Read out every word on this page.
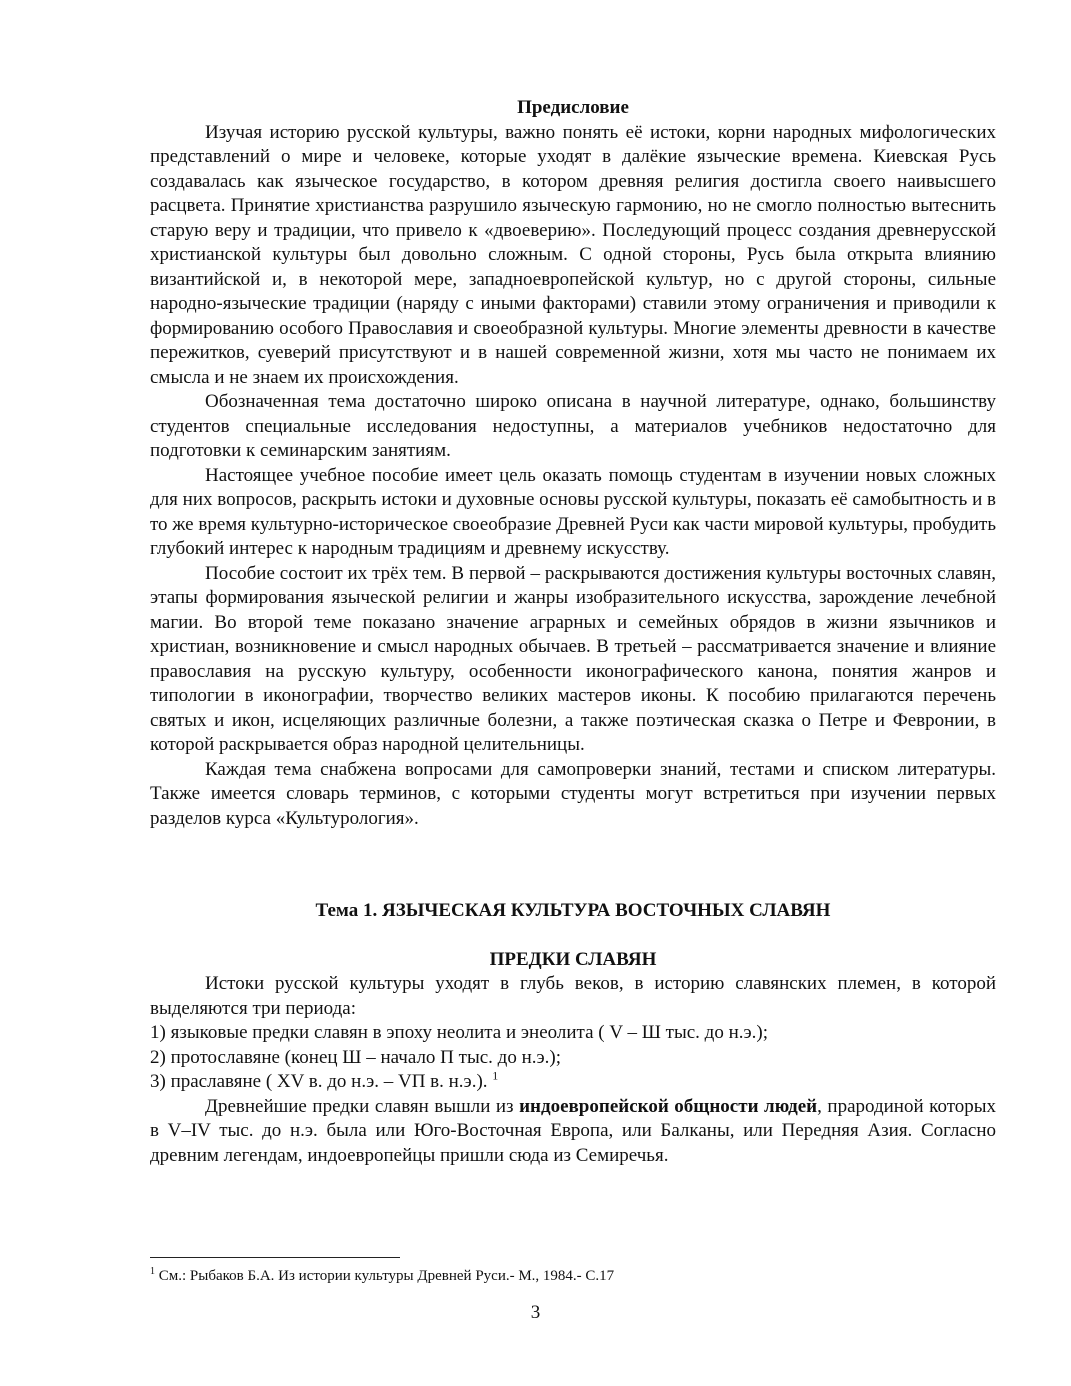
Предисловие

Изучая историю русской культуры, важно понять её истоки, корни народных мифологических представлений о мире и человеке, которые уходят в далёкие языческие времена. Киевская Русь создавалась как языческое государство, в котором древняя религия достигла своего наивысшего расцвета. Принятие христианства разрушило языческую гармонию, но не смогло полностью вытеснить старую веру и традиции, что привело к «двоеверию». Последующий процесс создания древнерусской христианской культуры был довольно сложным. С одной стороны, Русь была открыта влиянию византийской и, в некоторой мере, западноевропейской культур, но с другой стороны, сильные народно-языческие традиции (наряду с иными факторами) ставили этому ограничения и приводили к формированию особого Православия и своеобразной культуры. Многие элементы древности в качестве пережитков, суеверий присутствуют и в нашей современной жизни, хотя мы часто не понимаем их смысла и не знаем их происхождения.

Обозначенная тема достаточно широко описана в научной литературе, однако, большинству студентов специальные исследования недоступны, а материалов учебников недостаточно для подготовки к семинарским занятиям.

Настоящее учебное пособие имеет цель оказать помощь студентам в изучении новых сложных для них вопросов, раскрыть истоки и духовные основы русской культуры, показать её самобытность и в то же время культурно-историческое своеобразие Древней Руси как части мировой культуры, пробудить глубокий интерес к народным традициям и древнему искусству.

Пособие состоит их трёх тем. В первой – раскрываются достижения культуры восточных славян, этапы формирования языческой религии и жанры изобразительного искусства, зарождение лечебной магии. Во второй теме показано значение аграрных и семейных обрядов в жизни язычников и христиан, возникновение и смысл народных обычаев. В третьей – рассматривается значение и влияние православия на русскую культуру, особенности иконографического канона, понятия жанров и типологии в иконографии, творчество великих мастеров иконы. К пособию прилагаются перечень святых и икон, исцеляющих различные болезни, а также поэтическая сказка о Петре и Февронии, в которой раскрывается образ народной целительницы.

Каждая тема снабжена вопросами для самопроверки знаний, тестами и списком литературы. Также имеется словарь терминов, с которыми студенты могут встретиться при изучении первых разделов курса «Культурология».

Тема 1. ЯЗЫЧЕСКАЯ КУЛЬТУРА ВОСТОЧНЫХ СЛАВЯН
ПРЕДКИ СЛАВЯН

Истоки русской культуры уходят в глубь веков, в историю славянских племен, в которой выделяются три периода:

1) языковые предки славян в эпоху неолита и энеолита ( V – Ш тыс. до н.э.);

2) протославяне (конец Ш – начало П тыс. до н.э.);

3) праславяне ( XV в. до н.э. – VП в. н.э.). $^1$

Древнейшие предки славян вышли из индоевропейской общности людей, прародиной которых в V–IV тыс. до н.э. была или Юго-Восточная Европа, или Балканы, или Передняя Азия. Согласно древним легендам, индоевропейцы пришли сюда из Семиречья.

$^1$ См.: Рыбаков Б.А. Из истории культуры Древней Руси.- М., 1984.- С.17
3
